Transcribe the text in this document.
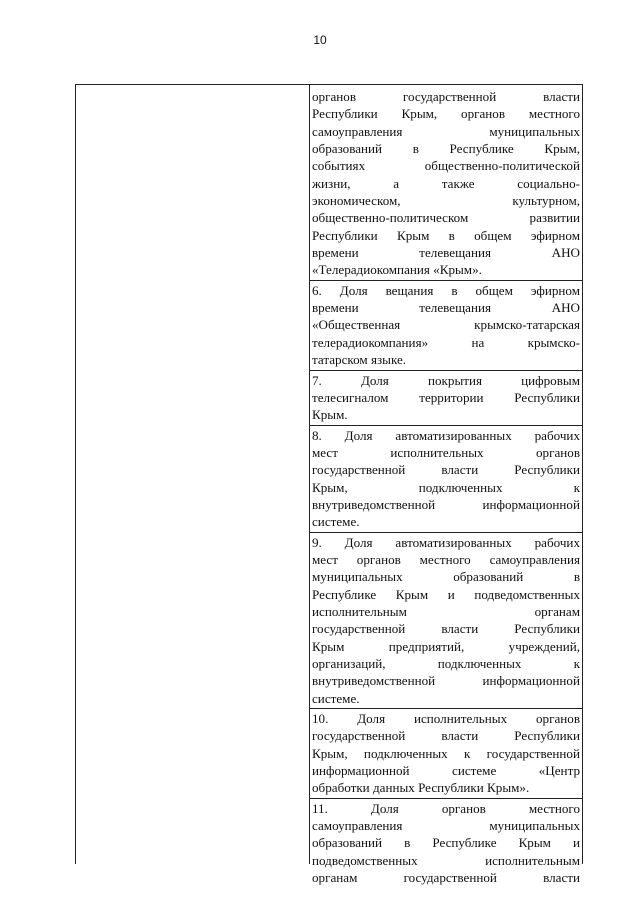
10
органов государственной власти
Республики Крым, органов местного
самоуправления муниципальных
образований в Республике Крым,
событиях общественно-политической
жизни, а также социально-
экономическом, культурном,
общественно-политическом развитии
Республики Крым в общем эфирном
времени телевещания АНО
«Телерадиокомпания «Крым».
6. Доля вещания в общем эфирном
времени телевещания АНО
«Общественная крымско-татарская
телерадиокомпания» на крымско-
татарском языке.
7. Доля покрытия цифровым
телесигналом территории Республики
Крым.
8. Доля автоматизированных рабочих
мест исполнительных органов
государственной власти Республики
Крым, подключенных к
внутриведомственной информационной
системе.
9. Доля автоматизированных рабочих
мест органов местного самоуправления
муниципальных образований в
Республике Крым и подведомственных
исполнительным органам
государственной власти Республики
Крым предприятий, учреждений,
организаций, подключенных к
внутриведомственной информационной
системе.
10. Доля исполнительных органов
государственной власти Республики
Крым, подключенных к государственной
информационной системе «Центр
обработки данных Республики Крым».
11. Доля органов местного
самоуправления муниципальных
образований в Республике Крым и
подведомственных исполнительным
органам государственной власти
